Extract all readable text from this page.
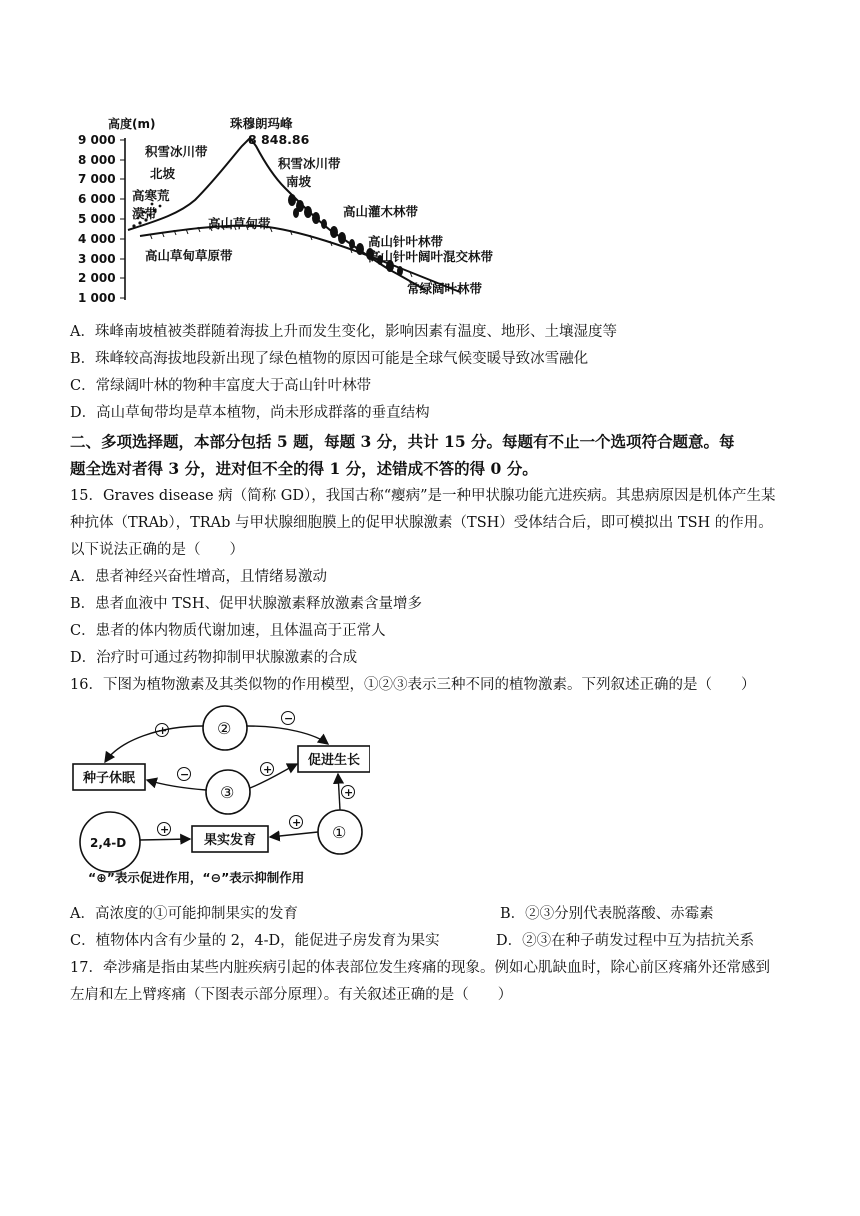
高度(m)
9 000
8 000
7 000
6 000
5 000
4 000
3 000
2 000
1 000
珠穆朗玛峰
8 848.86
积雪冰川带
北坡
高寒荒
漠带
积雪冰川带
南坡
高山灌木林带
高山针叶林带
高山针叶阔叶混交林带
常绿阔叶林带
高山草甸带
高山草甸草原带
A．珠峰南坡植被类群随着海拔上升而发生变化，影响因素有温度、地形、土壤湿度等
B．珠峰较高海拔地段新出现了绿色植物的原因可能是全球气候变暖导致冰雪融化
C．常绿阔叶林的物种丰富度大于高山针叶林带
D．高山草甸带均是草本植物，尚未形成群落的垂直结构
二、多项选择题，本部分包括 5 题，每题 3 分，共计 15 分。每题有不止一个选项符合题意。每
题全选对者得 3 分，进对但不全的得 1 分，述错成不答的得 0 分。
15．Graves disease 病（简称 GD），我国古称“瘿病”是一种甲状腺功能亢进疾病。其患病原因是机体产生某
种抗体（TRAb），TRAb 与甲状腺细胞膜上的促甲状腺激素（TSH）受体结合后，即可模拟出 TSH 的作用。
以下说法正确的是（　　）
A．患者神经兴奋性增高，且情绪易激动
B．患者血液中 TSH、促甲状腺激素释放激素含量增多
C．患者的体内物质代谢加速，且体温高于正常人
D．治疗时可通过药物抑制甲状腺激素的合成
16．下图为植物激素及其类似物的作用模型，①②③表示三种不同的植物激素。下列叙述正确的是（　　）
②
③
①
2,4-D
种子休眠
促进生长
果实发育
+
−
−	+
+
+
+
“⊕”表示促进作用，“⊖”表示抑制作用
A．高浓度的①可能抑制果实的发育	B．②③分别代表脱落酸、赤霉素
C．植物体内含有少量的 2，4-D，能促进子房发育为果实	D．②③在种子萌发过程中互为拮抗关系
17．牵涉痛是指由某些内脏疾病引起的体表部位发生疼痛的现象。例如心肌缺血时，除心前区疼痛外还常感到
左肩和左上臂疼痛（下图表示部分原理）。有关叙述正确的是（　　）
